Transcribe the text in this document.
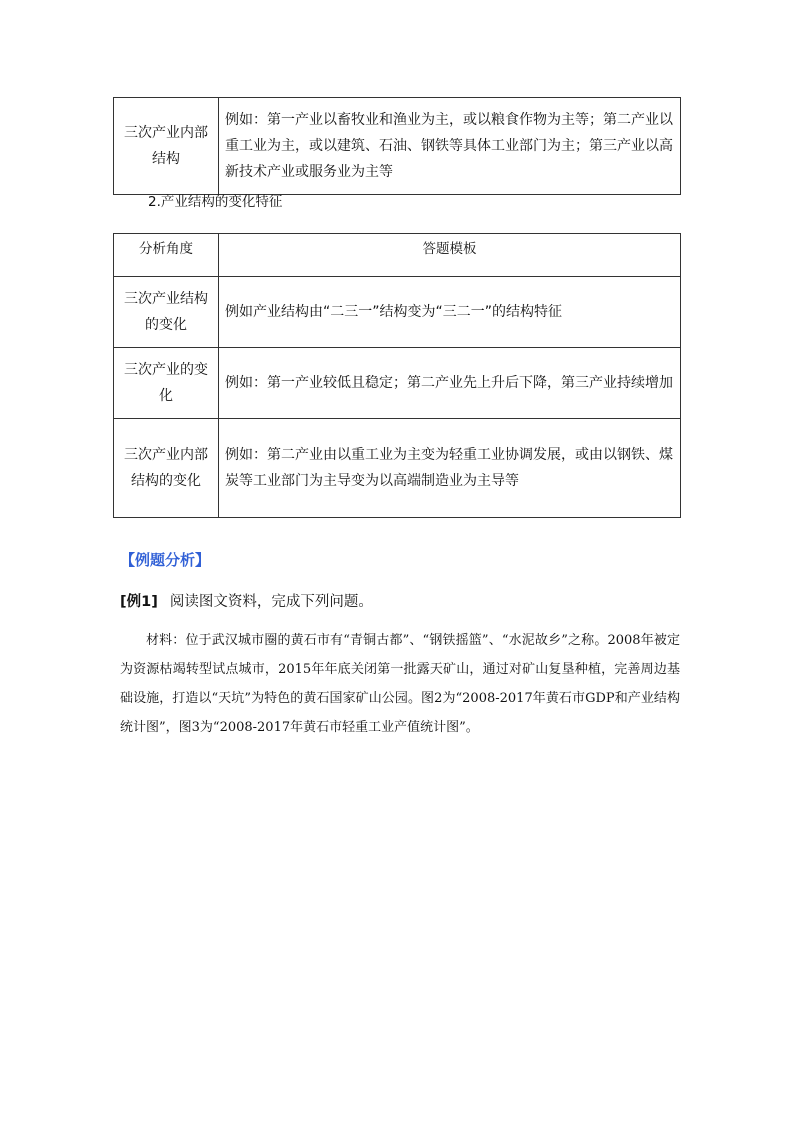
三次产业内部结构	例如：第一产业以畜牧业和渔业为主，或以粮食作物为主等；第二产业以重工业为主，或以建筑、石油、钢铁等具体工业部门为主；第三产业以高新技术产业或服务业为主等
2.产业结构的变化特征
分析角度	答题模板
三次产业结构的变化	例如产业结构由“二三一”结构变为“三二一”的结构特征
三次产业的变化	例如：第一产业较低且稳定；第二产业先上升后下降，第三产业持续增加
三次产业内部结构的变化	例如：第二产业由以重工业为主变为轻重工业协调发展，或由以钢铁、煤炭等工业部门为主导变为以高端制造业为主导等
【例题分析】
[例1] 阅读图文资料，完成下列问题。
材料：位于武汉城市圈的黄石市有“青铜古都”、“钢铁摇篮”、“水泥故乡”之称。2008年被定为资源枯竭转型试点城市，2015年年底关闭第一批露天矿山，通过对矿山复垦种植，完善周边基础设施，打造以“天坑”为特色的黄石国家矿山公园。图2为“2008-2017年黄石市GDP和产业结构统计图”，图3为“2008-2017年黄石市轻重工业产值统计图”。
